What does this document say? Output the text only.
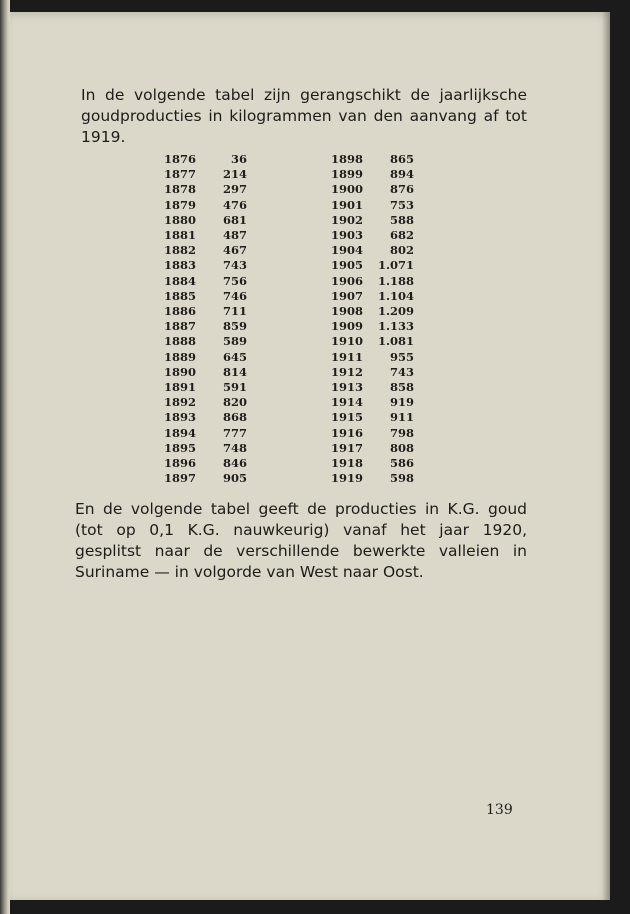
In de volgende tabel zijn gerangschikt de jaarlijksche goudproducties in kilogrammen van den aanvang af tot 1919.

1876	36		1898	865
1877	214		1899	894
1878	297		1900	876
1879	476		1901	753
1880	681		1902	588
1881	487		1903	682
1882	467		1904	802
1883	743		1905	1.071
1884	756		1906	1.188
1885	746		1907	1.104
1886	711		1908	1.209
1887	859		1909	1.133
1888	589		1910	1.081
1889	645		1911	955
1890	814		1912	743
1891	591		1913	858
1892	820		1914	919
1893	868		1915	911
1894	777		1916	798
1895	748		1917	808
1896	846		1918	586
1897	905		1919	598

En de volgende tabel geeft de producties in K.G. goud (tot op 0,1 K.G. nauwkeurig) vanaf het jaar 1920, gesplitst naar de verschillende bewerkte valleien in Suriname — in volgorde van West naar Oost.

139
